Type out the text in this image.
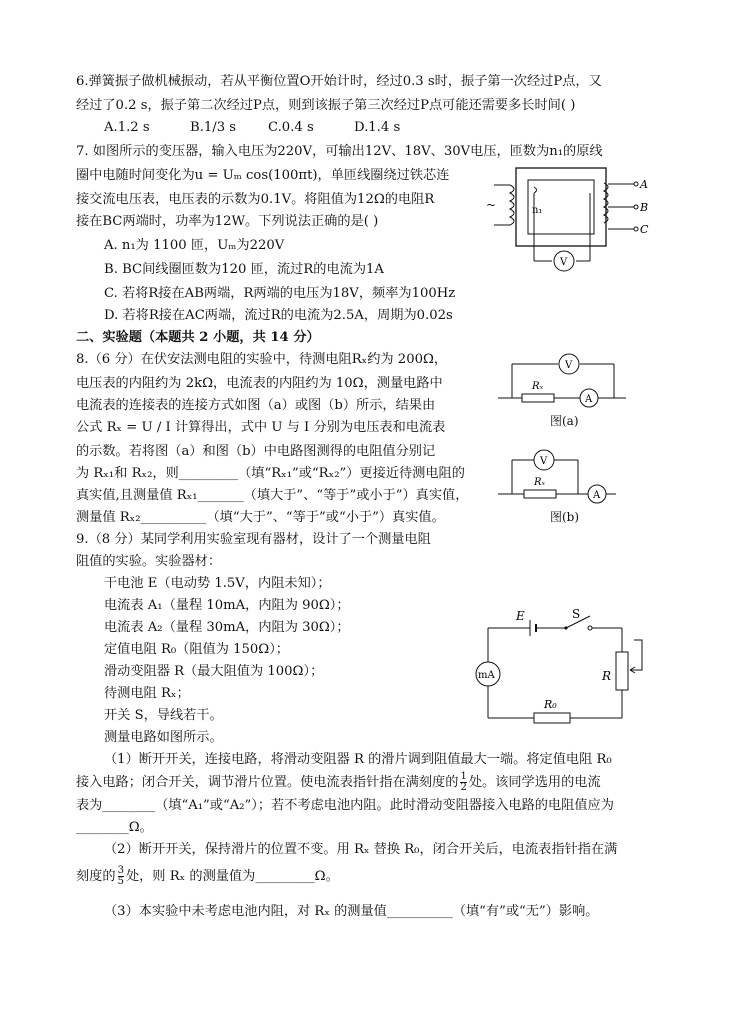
6.弹簧振子做机械振动，若从平衡位置O开始计时，经过0.3 s时，振子第一次经过P点，又
经过了0.2 s，振子第二次经过P点，则到该振子第三次经过P点可能还需要多长时间( )
A.1.2 s	B.1/3 s C.0.4 s	D.1.4 s
7. 如图所示的变压器，输入电压为220V，可输出12V、18V、30V电压，匝数为n₁的原线
圈中电随时间变化为u = Uₘ cos(100πt)，单匝线圈绕过铁芯连
接交流电压表，电压表的示数为0.1V。将阻值为12Ω的电阻R
接在BC两端时，功率为12W。下列说法正确的是( )
A. n₁为 1100 匝，Uₘ为220V
B. BC间线圈匝数为120 匝，流过R的电流为1A
C. 若将R接在AB两端，R两端的电压为18V，频率为100Hz
D. 若将R接在AC两端，流过R的电流为2.5A，周期为0.02s
V
~	n₁
A
B
C
二、实验题（本题共 2 小题，共 14 分）
8.（6 分）在伏安法测电阻的实验中，待测电阻Rₓ约为 200Ω，
电压表的内阻约为 2kΩ，电流表的内阻约为 10Ω，测量电路中
电流表的连接表的连接方式如图（a）或图（b）所示，结果由
公式 Rₓ = U / I 计算得出，式中 U 与 I 分别为电压表和电流表
的示数。若将图（a）和图（b）中电路图测得的电阻值分别记
为 Rₓ₁和 Rₓ₂，则_________（填“Rₓ₁”或“Rₓ₂”）更接近待测电阻的
真实值,且测量值 Rₓ₁_______（填大于”、“等于”或小于”）真实值，
测量值 Rₓ₂__________（填“大于”、“等于”或“小于”）真实值。
V
A
Rₓ
图(a)
V
A
Rₓ
图(b)
9.（8 分）某同学利用实验室现有器材，设计了一个测量电阻
阻值的实验。实验器材：
干电池 E（电动势 1.5V，内阻未知）；
电流表 A₁（量程 10mA，内阻为 90Ω）；
电流表 A₂（量程 30mA，内阻为 30Ω）；
定值电阻 R₀（阻值为 150Ω）；
滑动变阻器 R（最大阻值为 100Ω）；
待测电阻 Rₓ；
开关 S，导线若干。
测量电路如图所示。
mA
E	S
R
R₀
（1）断开开关，连接电路，将滑动变阻器 R 的滑片调到阻值最大一端。将定值电阻 R₀
接入电路；闭合开关，调节滑片位置。使电流表指针指在满刻度的 $\frac{1}{2}$ 处。该同学选用的电流
表为________（填“A₁”或“A₂”）；若不考虑电池内阻。此时滑动变阻器接入电路的电阻值应为
________Ω。
（2）断开开关，保持滑片的位置不变。用 Rₓ 替换 R₀，闭合开关后，电流表指针指在满
刻度的 $\frac{3}{5}$ 处，则 Rₓ 的测量值为_________Ω。
（3）本实验中未考虑电池内阻，对 Rₓ 的测量值__________（填“有”或“无”）影响。
